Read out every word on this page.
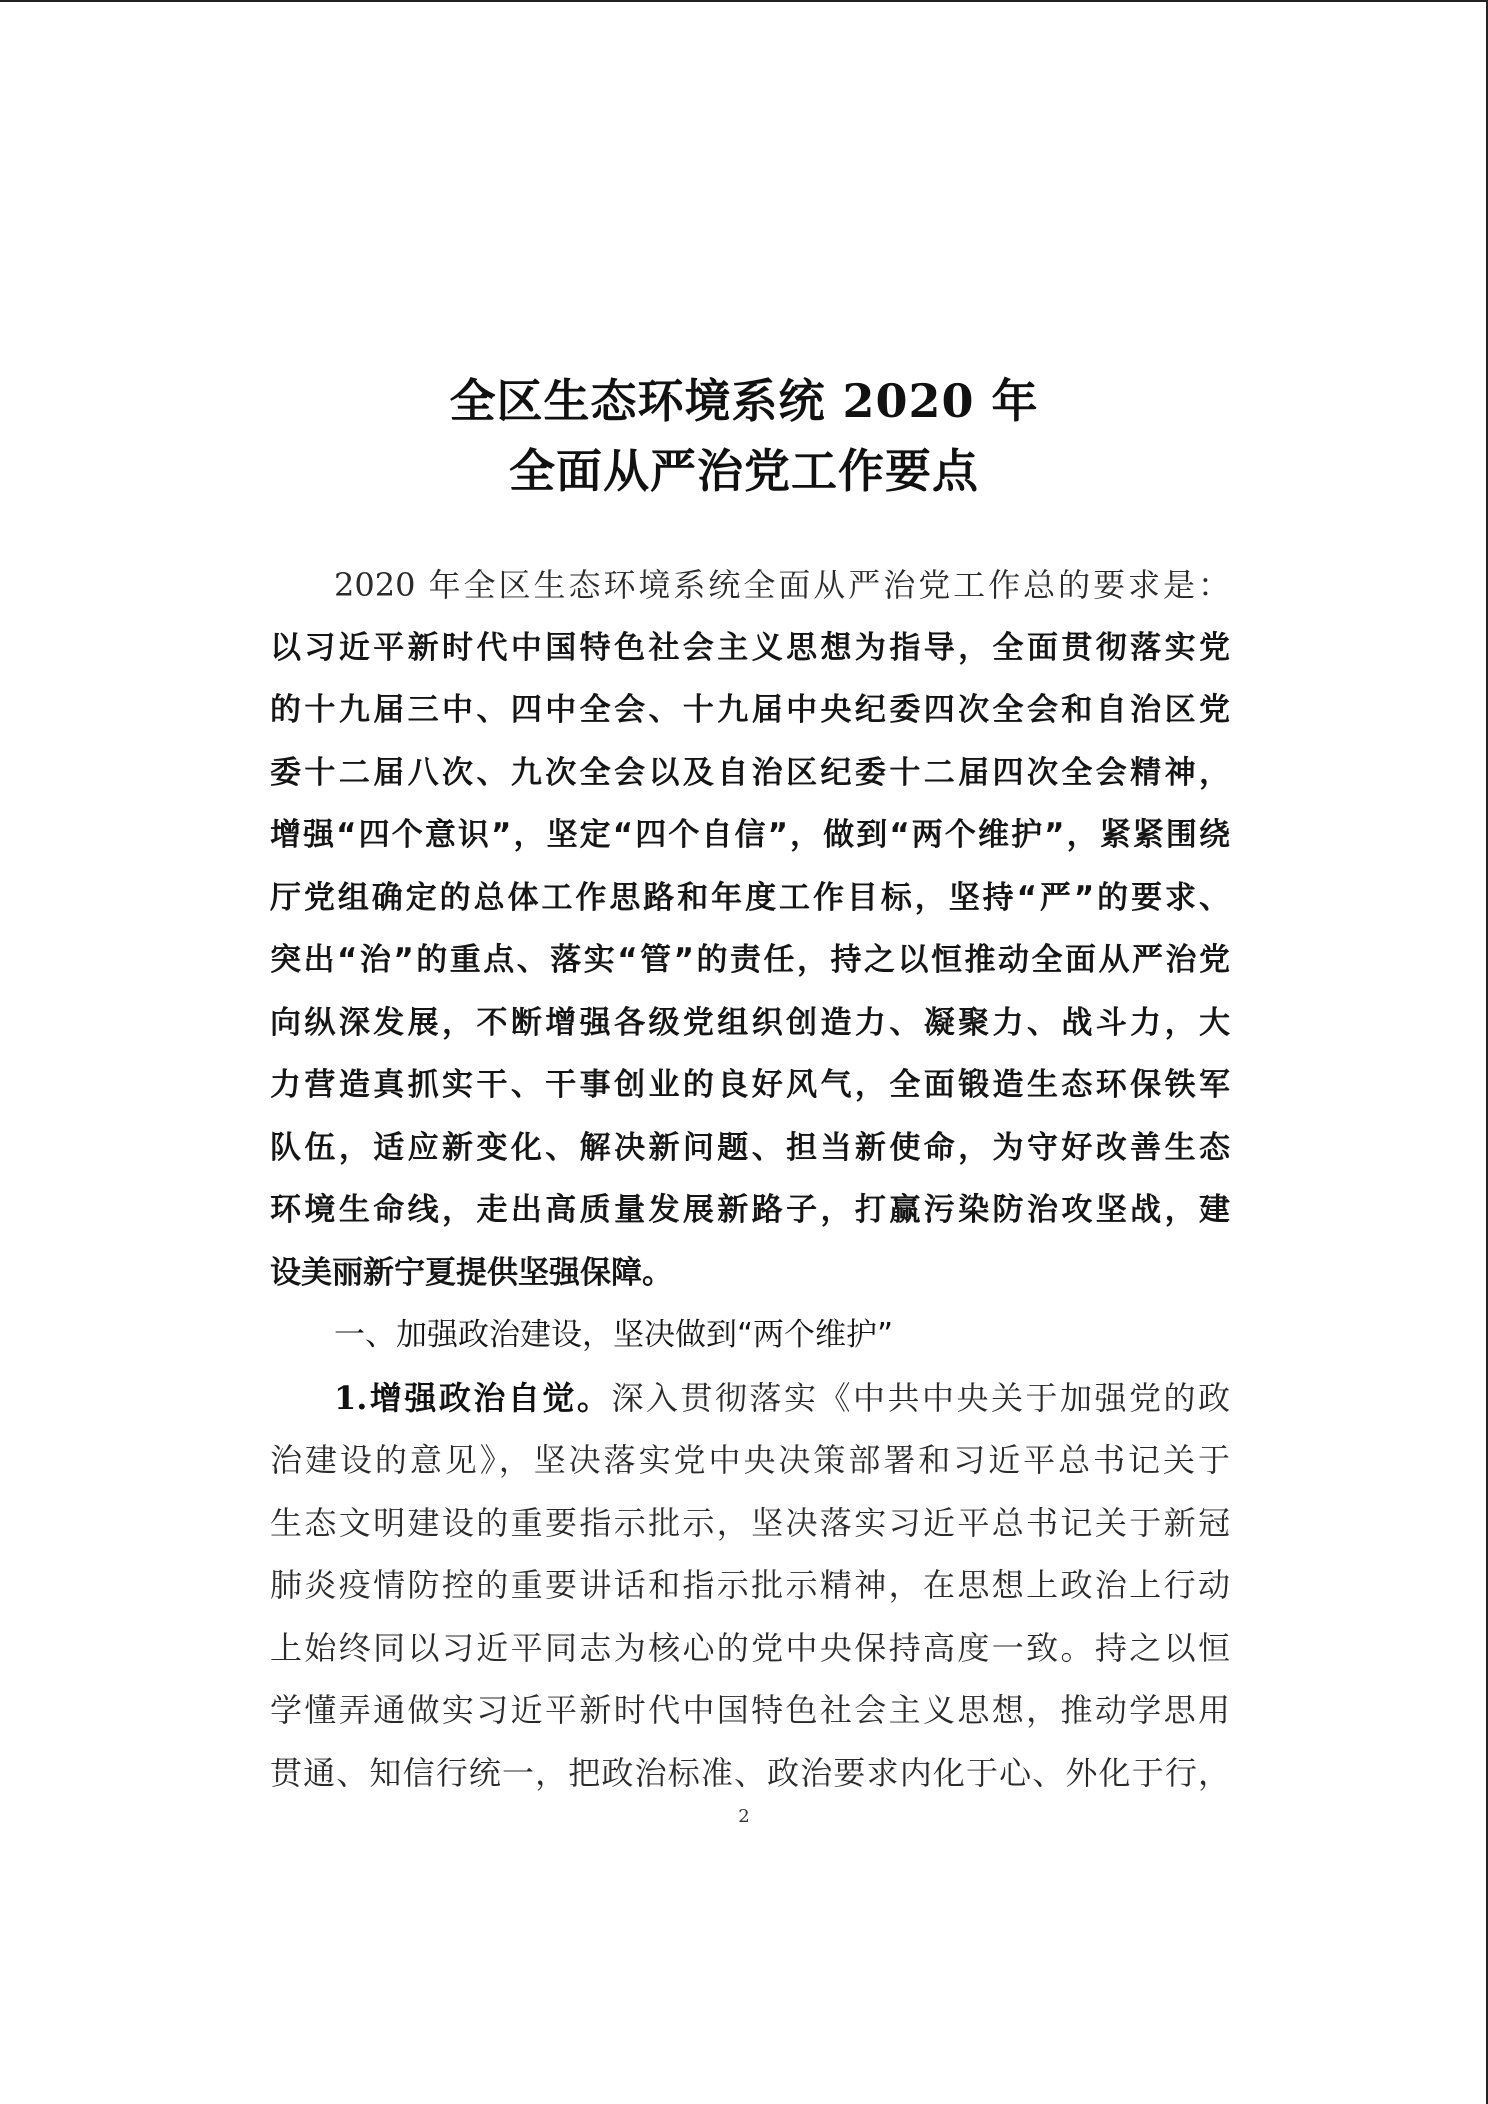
全区生态环境系统 2020 年
全面从严治党工作要点
2020 年全区生态环境系统全面从严治党工作总的要求是：
以习近平新时代中国特色社会主义思想为指导，全面贯彻落实党
的十九届三中、四中全会、十九届中央纪委四次全会和自治区党
委十二届八次、九次全会以及自治区纪委十二届四次全会精神，
增强“四个意识”，坚定“四个自信”，做到“两个维护”，紧紧围绕
厅党组确定的总体工作思路和年度工作目标，坚持“严”的要求、
突出“治”的重点、落实“管”的责任，持之以恒推动全面从严治党
向纵深发展，不断增强各级党组织创造力、凝聚力、战斗力，大
力营造真抓实干、干事创业的良好风气，全面锻造生态环保铁军
队伍，适应新变化、解决新问题、担当新使命，为守好改善生态
环境生命线，走出高质量发展新路子，打赢污染防治攻坚战，建
设美丽新宁夏提供坚强保障。
一、加强政治建设，坚决做到“两个维护”
1.增强政治自觉。深入贯彻落实《中共中央关于加强党的政
治建设的意见》，坚决落实党中央决策部署和习近平总书记关于
生态文明建设的重要指示批示，坚决落实习近平总书记关于新冠
肺炎疫情防控的重要讲话和指示批示精神，在思想上政治上行动
上始终同以习近平同志为核心的党中央保持高度一致。持之以恒
学懂弄通做实习近平新时代中国特色社会主义思想，推动学思用
贯通、知信行统一，把政治标准、政治要求内化于心、外化于行，
2
